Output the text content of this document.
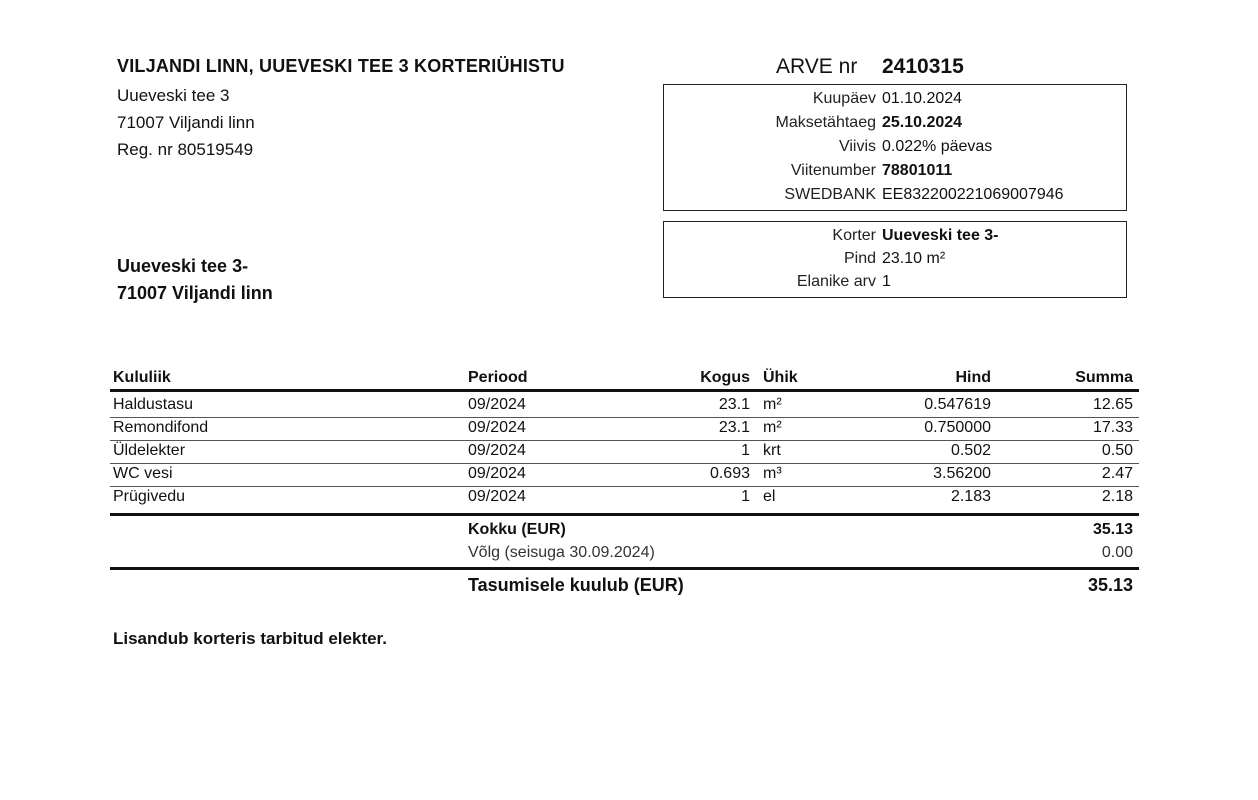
VILJANDI LINN, UUEVESKI TEE 3 KORTERIÜHISTU
Uueveski tee 3
71007 Viljandi linn
Reg. nr 80519549
ARVE nr 2410315
Kuupäev 01.10.2024
Maksetähtaeg 25.10.2024
Viivis 0.022% päevas
Viitenumber 78801011
SWEDBANK EE832200221069007946
Korter Uueveski tee 3-
Pind 23.10 m²
Elanike arv 1
Uueveski tee 3-
71007 Viljandi linn
Kululiik	Periood	Kogus Ühik	Hind	Summa
Haldustasu	09/2024	23.1 m²	0.547619	12.65
Remondifond	09/2024	23.1 m²	0.750000	17.33
Üldelekter	09/2024	1 krt	0.502	0.50
WC vesi	09/2024	0.693 m³	3.56200	2.47
Prügivedu	09/2024	1 el	2.183	2.18
Kokku (EUR)	35.13
Võlg (seisuga 30.09.2024)	0.00
Tasumisele kuulub (EUR)	35.13
Lisandub korteris tarbitud elekter.
